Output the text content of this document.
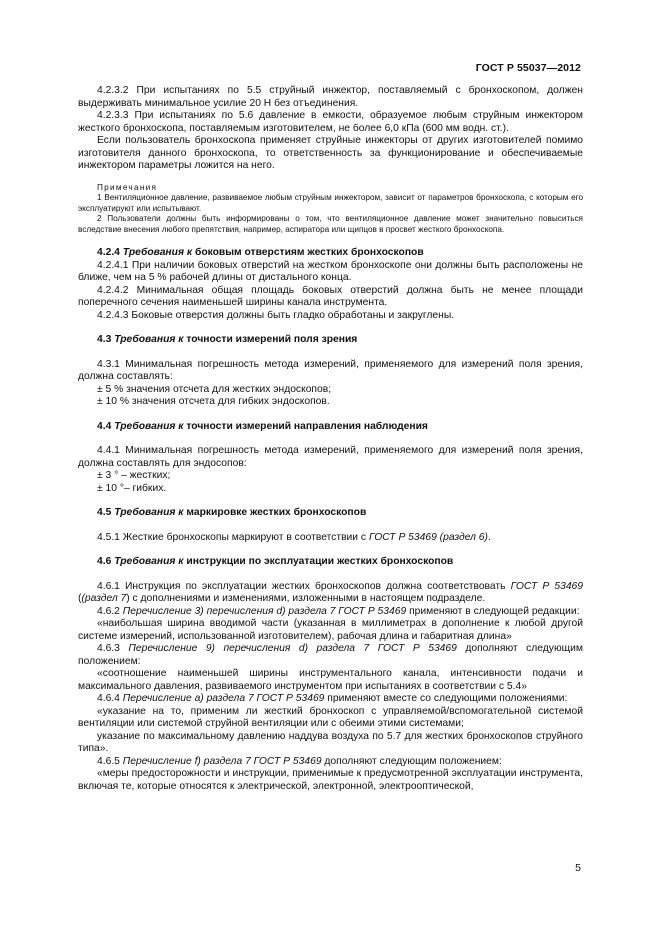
ГОСТ Р 55037—2012

4.2.3.2 При испытаниях по 5.5 струйный инжектор, поставляемый с бронхоскопом, должен выдерживать минимальное усилие 20 Н без отъединения.

4.2.3.3 При испытаниях по 5.6 давление в емкости, образуемое любым струйным инжектором жесткого бронхоскопа, поставляемым изготовителем, не более 6,0 кПа (600 мм водн. ст.).

Если пользователь бронхоскопа применяет струйные инжекторы от других изготовителей помимо изготовителя данного бронхоскопа, то ответственность за функционирование и обеспечиваемые инжектором параметры ложится на него.

Примечания

1 Вентиляционное давление, развиваемое любым струйным инжектором, зависит от параметров бронхоскопа, с которым его эксплуатируют или испытывают.

2 Пользователи должны быть информированы о том, что вентиляционное давление может значительно повыситься вследствие внесения любого препятствия, например, аспиратора или щипцов в просвет жесткого бронхоскопа.

4.2.4 Требования к боковым отверстиям жестких бронхоскопов

4.2.4.1 При наличии боковых отверстий на жестком бронхоскопе они должны быть расположены не ближе, чем на 5 % рабочей длины от дистального конца.

4.2.4.2 Минимальная общая площадь боковых отверстий должна быть не менее площади поперечного сечения наименьшей ширины канала инструмента.

4.2.4.3 Боковые отверстия должны быть гладко обработаны и закруглены.

4.3 Требования к точности измерений поля зрения

4.3.1 Минимальная погрешность метода измерений, применяемого для измерений поля зрения, должна составлять:

± 5 % значения отсчета для жестких эндоскопов;

± 10 % значения отсчета для гибких эндоскопов.

4.4 Требования к точности измерений направления наблюдения

4.4.1 Минимальная погрешность метода измерений, применяемого для измерений поля зрения, должна составлять для эндосопов:

± 3 ° – жестких;

± 10 °– гибких.

4.5 Требования к маркировке жестких бронхоскопов

4.5.1 Жесткие бронхоскопы маркируют в соответствии с ГОСТ Р 53469 (раздел 6).

4.6 Требования к инструкции по эксплуатации жестких бронхоскопов

4.6.1 Инструкция по эксплуатации жестких бронхоскопов должна соответствовать ГОСТ Р 53469 ((раздел 7) с дополнениями и изменениями, изложенными в настоящем подразделе.

4.6.2 Перечисление 3) перечисления d) раздела 7 ГОСТ Р 53469 применяют в следующей редакции:

«наибольшая ширина вводимой части (указанная в миллиметрах в дополнение к любой другой системе измерений, использованной изготовителем), рабочая длина и габаритная длина»

4.6.3 Перечисление 9) перечисления d) раздела 7 ГОСТ Р 53469 дополняют следующим положением:

«соотношение наименьшей ширины инструментального канала, интенсивности подачи и максимального давления, развиваемого инструментом при испытаниях в соответствии с 5.4»

4.6.4 Перечисление а) раздела 7 ГОСТ Р 53469 применяют вместе со следующими положениями:

«указание на то, применим ли жесткий бронхоскоп с управляемой/вспомогательной системой вентиляции или системой струйной вентиляции или с обеими этими системами;

указание по максимальному давлению наддува воздуха по 5.7 для жестких бронхоскопов струйного типа».

4.6.5 Перечисление f) раздела 7 ГОСТ Р 53469 дополняют следующим положением:

«меры предосторожности и инструкции, применимые к предусмотренной эксплуатации инструмента, включая те, которые относятся к электрической, электронной, электрооптической,

5
